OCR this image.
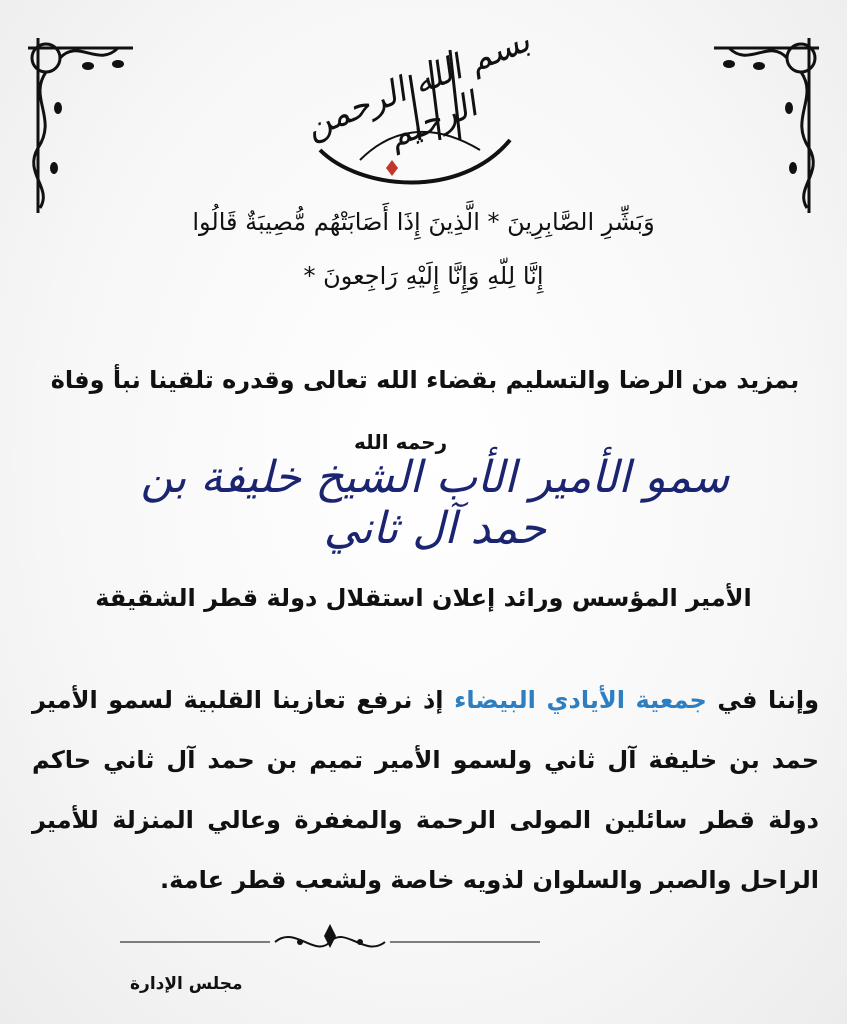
بسم الله الرحمن الرحيم
وَبَشِّرِ الصَّابِرِينَ * الَّذِينَ إِذَا أَصَابَتْهُم مُّصِيبَةٌ قَالُوا
إِنَّا لِلّهِ وَإِنَّا إِلَيْهِ رَاجِعونَ *
بمزيد من الرضا والتسليم بقضاء الله تعالى وقدره تلقينا نبأ وفاة
رحمه الله
سمو الأمير الأب الشيخ خليفة بن حمد آل ثاني
الأمير المؤسس ورائد إعلان استقلال دولة قطر الشقيقة
وإننا في جمعية الأيادي البيضاء إذ نرفع تعازينا القلبية لسمو الأمير حمد بن خليفة آل ثاني ولسمو الأمير تميم بن حمد آل ثاني حاكم دولة قطر سائلين المولى الرحمة والمغفرة وعالي المنزلة للأمير الراحل والصبر والسلوان لذويه خاصة ولشعب قطر عامة.
مجلس الإدارة
